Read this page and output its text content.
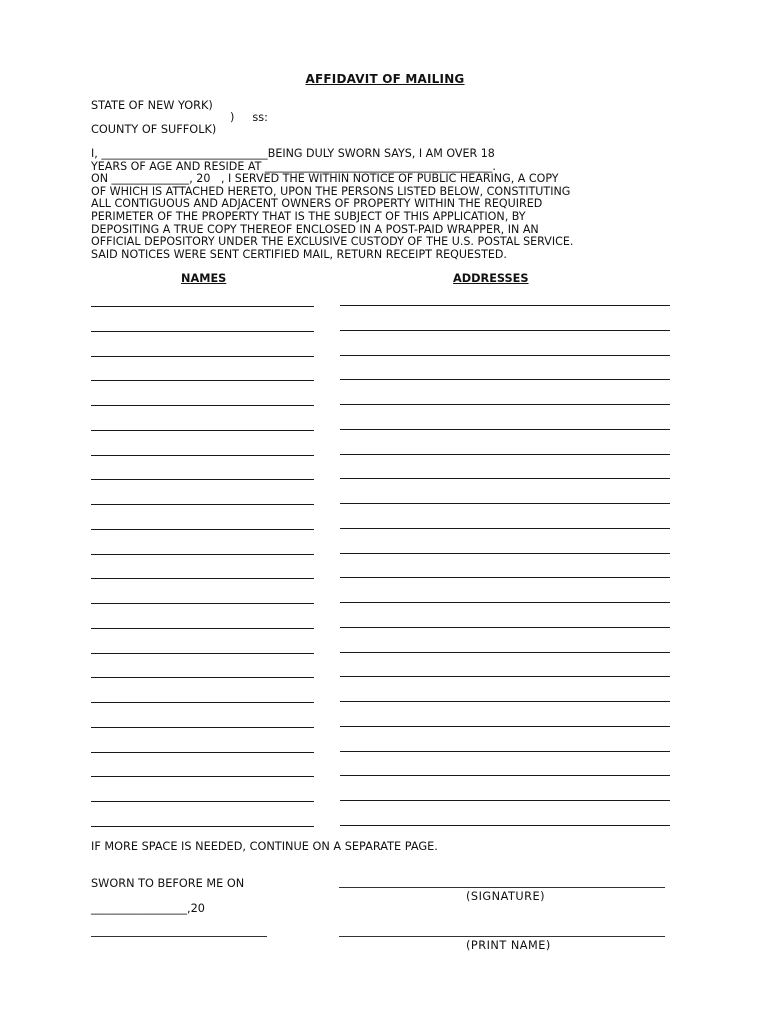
AFFIDAVIT OF MAILING
STATE OF NEW YORK)
)     ss:
COUNTY OF SUFFOLK)
I, ______________________________BEING DULY SWORN SAYS, I AM OVER 18
YEARS OF AGE AND RESIDE AT _________________________________________.
ON ______________, 20   , I SERVED THE WITHIN NOTICE OF PUBLIC HEARING, A COPY
OF WHICH IS ATTACHED HERETO, UPON THE PERSONS LISTED BELOW, CONSTITUTING
ALL CONTIGUOUS AND ADJACENT OWNERS OF PROPERTY WITHIN THE REQUIRED
PERIMETER OF THE PROPERTY THAT IS THE SUBJECT OF THIS APPLICATION, BY
DEPOSITING A TRUE COPY THEREOF ENCLOSED IN A POST-PAID WRAPPER, IN AN
OFFICIAL DEPOSITORY UNDER THE EXCLUSIVE CUSTODY OF THE U.S. POSTAL SERVICE.
SAID NOTICES WERE SENT CERTIFIED MAIL, RETURN RECEIPT REQUESTED.
NAMES	ADDRESSES
IF MORE SPACE IS NEEDED, CONTINUE ON A SEPARATE PAGE.
SWORN TO BEFORE ME ON
(SIGNATURE)
_________________,20
(PRINT NAME)
